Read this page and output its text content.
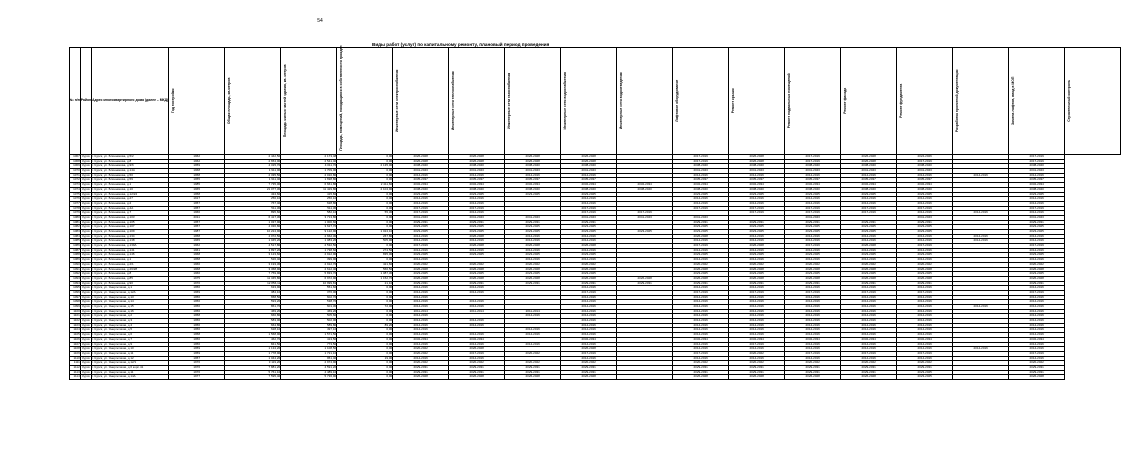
54
Виды работ (услуг) по капитальному ремонту, плановый период проведения
№ п/п	Район	Адрес многоквартирного дома (далее – МКД)	Год постройки	Общая площадь, кв.метров	Площадь жилых частей здания, кв. метров	Площадь, помещений, находящихся в собственности граждан	Инженерные сети электроснабжения	Инженерные сети теплоснабжения	Инженерные сети газоснабжения	Инженерные сети водоснабжения	Инженерные сети водоотведения	Лифтовое оборудование	Ремонт крыши	Ремонт подвальных помещений	Ремонт фасада	Ремонт фундамента	Разработка проектной документации	Замена лифтов, ввод в МОП	Строительный контроль

1067	Курск	г. Курск, ул. Блинникова, д.5/2	1962	2 442,50	2 173,48	0,00	2026-2028	2026-2028	2026-2028	2026-2028		2017-2019	2026-2028	2017-2019	2026-2028	2024-2026		2017-2019	
1068	Курск	г. Курск, ул. Блинникова, д.8	1962	2 654,00	2 541,40	0,00	2026-2028	2026-2028	2026-2028	2026-2028		2017-2019	2026-2028	2017-2019	2026-2028	2017-2019		2017-2019	
1069	Курск	г. Курск, ул. Блинникова, д.9/6	1959	4 315,70	4 011,70	2 135,00	2038-2040	2038-2040	2038-2040	2038-2040		2038-2040	2038-2040	2038-2040	2038-2040	2038-2040		2038-2040	
1070	Курск	г. Курск, ул. Блинникова, д.14А	1968	1 911,00	1 709,00	0,00	2041-2043	2041-2043	2041-2043	2041-2043		2041-2043	2041-2043	2041-2043	2041-2043	2041-2043		2041-2043	
1071	Курск	г. Курск, ул. Блинникова, д.50	1958	2 335,50	2 010,80	0,00	2014-2016	2014-2016	2014-2016	2014-2016		2014-2016	2014-2016	2014-2016	2014-2016	2014-2016	2014-2016	2014-2016	
1072	Курск	г. Курск, ул. Блинникова, д.59	1955	1 911,40	1 698,80	0,00	2035-2037	2035-2037	2035-2037	2035-2037		2035-2037	2035-2037	2035-2037	2035-2037	2035-2037		2035-2037	
1073	Курск	г. Курск, ул. Блинникова, д.1	1985	7 735,00	6 661,86	2 411,60	2032-2034	2032-2034	2032-2034	2032-2034	2032-2034	2032-2034	2032-2034	2032-2034	2032-2034	2032-2034		2032-2034	
1074	Курск	г. Курск, ул. Блинникова, д.10	1965	21 077,30	11 429,80	2 104,90	2038-2040	2038-2040	2038-2040	2038-2040	2038-2040	2038-2040	2038-2040	2038-2040	2038-2040	2038-2040		2038-2040	
1075	Курск	г. Курск, ул. Блинникова, д.12/24	1958	434,60	415,82	0,00	2023-2025	2023-2025	2023-2025	2023-2025		2023-2025	2023-2025	2023-2025	2023-2025	2023-2025		2023-2025	
1076	Курск	г. Курск, ул. Блинникова, д.27	1917	256,10	256,10	0,00	2014-2016	2014-2016		2014-2016		2014-2016	2014-2016	2014-2016	2014-2016	2014-2016		2014-2016	
1077	Курск	г. Курск, ул. Блинникова, д.2	1957	767,40	628,80	0,00	2014-2016	2014-2016		2014-2016		2014-2016	2014-2016	2014-2016	2014-2016	2014-2016		2014-2016	
1078	Курск	г. Курск, ул. Блинникова, д.4А	1957	511,30	511,30	0,00	2017-2019	2017-2019		2017-2019		2017-2019	2017-2019	2017-2019	2017-2019	2017-2019		2017-2019	
1079	Курск	г. Курск, ул. Блинникова, д.7	1966	895,60	582,10	55,30	2017-2019	2014-2016		2017-2019	2017-2019		2017-2019	2017-2019	2017-2019	2014-2016	2014-2016	2014-2016	
1080	Курск	г. Курск, ул. Блинникова, д.103	2011	6 417,30	3 713,80	0,00	2041-2043	2041-2043	2041-2043	2041-2043	2041-2043	2041-2043		2041-2043		2041-2043		2041-2043	
1081	Курск	г. Курск, ул. Блинникова, д.105	1957	1 037,90	1 000,60	0,00	2029-2031	2029-2031	2029-2031	2029-2031		2029-2031	2029-2031	2029-2031	2029-2031	2029-2031		2029-2031	
1082	Курск	г. Курск, ул. Блинникова, д.107	1957	4 036,80	3 627,70	0,00	2023-2025	2023-2025	2023-2025	2023-2025		2023-2025	2023-2025	2023-2025	2023-2025	2023-2025		2023-2025	
1083	Курск	г. Курск, ул. Блинникова, д.109	1987	10 224,90	9 122,90	1 024,10	2023-2025	2023-2025	2023-2025	2023-2025	2023-2025	2023-2025	2023-2025	2023-2025	2023-2025	2023-2025		2023-2025	
1084	Курск	г. Курск, ул. Блинникова, д.134	1958	4 072,50	2 662,30	267,80	2014-2016	2026-2028	2014-2016	2014-2016		2026-2028	2014-2016	2014-2016	2014-2016	2014-2016	2014-2016	2014-2016	
1085	Курск	г. Курск, ул. Блинникова, д.138	1965	1 045,20	1 083,20	505,90	2014-2016	2014-2016	2014-2016	2014-2016		2014-2016	2014-2016	2014-2016	2014-2016	2014-2016	2014-2016	2014-2016	
1086	Курск	г. Курск, ул. Блинникова, д.139А	1962	4 517,80	2 532,50	0,00	2017-2019	2026-2028	2026-2028	2026-2028		2017-2019	2026-2028	2017-2019	2026-2028	2017-2019		2017-2019	
1087	Курск	г. Курск, ул. Блинникова, д.141	1961	1 897,20	1 738,60	274,50	2014-2016	2014-2016	2014-2016	2014-2016		2014-2016	2014-2016	2014-2016	2014-2016	2014-2016		2014-2016	
1088	Курск	г. Курск, ул. Блинникова, д.146	1968	3 123,60	2 912,90	835,00	2023-2025	2023-2025	2023-2025	2023-2025		2023-2025	2023-2025	2023-2025	2023-2025	2023-2025		2023-2025	
1089	Курск	г. Курск, ул. Блинникова, д.1	1958	526,40	399,90	0,00	2014-2016		2014-2016	2014-2016		2014-2016	2014-2016	2014-2016	2014-2016	2014-2016		2014-2016	
1090	Курск	г. Курск, ул. Блинникова, д.2/1	1966	3 193,30	2 912,70	421,60	2020-2022	2020-2022	2020-2022	2020-2022		2020-2022	2020-2022	2020-2022	2020-2022	2020-2022		2020-2022	
1091	Курск	г. Курск, ул. Блинникова, д.26/28	1968	3 368,90	2 612,40	566,50	2026-2028	2026-2028	2026-2028	2026-2028		2026-2028	2026-2028	2026-2028	2026-2028	2026-2028		2026-2028	
1092	Курск	г. Курск, ул. Блинникова, д.8	1966	7 759,90	5 833,70	1 087,30	2023-2025	2023-2025	2023-2025	2023-2025		2023-2025	2023-2025	2023-2025	2023-2025	2023-2025		2023-2025	
1093	Курск	г. Курск, ул. Блинникова, д.85	1975	11 345,80	6 972,90	1 152,70	2026-2028	2026-2028	2026-2028	2026-2028	2026-2028	2026-2028	2026-2028	2026-2028	2026-2028	2026-2028		2026-2028	
1094	Курск	г. Курск, ул. Блинникова, д.90	1970	12 856,11	10 999,81	21,10	2029-2031	2029-2031	2029-2031	2029-2031	2029-2031	2029-2031	2029-2031	2029-2031	2029-2031	2029-2031		2029-2031	
1095	Курск	г. Курск, ул. Энергетиков, д.1	1956	633,90	551,60	0,00	2014-2016	2014-2016		2014-2016		2014-2016	2014-2016	2014-2016	2014-2016	2014-2016		2014-2016	
1096	Курск	г. Курск, ул. Энергетиков, д.12А	1969	384,10	376,00	0,00	2014-2016	2014-2016		2017-2019		2017-2019	2017-2019	2017-2019	2017-2019	2017-2019		2017-2019	
1097	Курск	г. Курск, ул. Энергетиков, д.13	1956	658,50	602,70	0,00	2014-2016			2014-2016		2014-2016	2014-2016	2014-2016	2014-2016	2014-2016		2014-2016	
1098	Курск	г. Курск, ул. Энергетиков, д.14	1956	593,20	538,70	0,00	2014-2016	2014-2016		2014-2016		2014-2016	2014-2016	2014-2016	2014-2016	2014-2016		2014-2016	
1099	Курск	г. Курск, ул. Энергетиков, д.15	1956	861,70	601,30	72,00	2014-2016	2014-2016		2014-2016		2014-2016	2014-2016	2014-2016	2014-2016	2014-2016	2014-2016	2014-2016	
1100	Курск	г. Курск, ул. Энергетиков, д.16	1956	469,20	469,20	0,00	2011-2014	2011-2014	2011-2014	2014-2016		2014-2016	2014-2016	2014-2016	2014-2016	2014-2016		2014-2016	
1101	Курск	г. Курск, ул. Энергетиков, д.2	1958	666,80	505,60	0,00	2014-2016		2014-2016	2014-2016		2014-2016	2014-2016	2014-2016	2014-2016	2014-2016		2014-2016	
1102	Курск	г. Курск, ул. Энергетиков, д.3	1956	583,00	502,00	0,00	2014-2016	2014-2016		2014-2016		2014-2016	2014-2016	2014-2016	2014-2016	2014-2016		2014-2016	
1103	Курск	г. Курск, ул. Энергетиков, д.4	1956	664,80	589,80	89,20	2014-2016	2014-2016		2014-2016		2014-2016	2014-2016	2014-2016	2014-2016	2014-2016		2014-2016	
1104	Курск	г. Курск, ул. Энергетиков, д.5	1956	628,10	497,10	0,00	2014-2016		2014-2016	2014-2016		2014-2016	2014-2016	2014-2016	2014-2016	2014-2016		2014-2016	
1105	Курск	г. Курск, ул. Энергетиков, д.6	1958	1 568,90	1 571,50	0,00	2014-2016	2014-2016	2014-2016	2014-2016		2014-2016	2014-2016	2014-2016	2014-2016	2014-2016		2014-2016	
1106	Курск	г. Курск, ул. Энергетиков, д.7	1956	462,70	413,50	0,00	2032-2034	2032-2034		2032-2034		2032-2034	2032-2034	2032-2034	2032-2034	2032-2034		2032-2034	
1107	Курск	г. Курск, ул. Энергетиков, д.9	1956	841,50	773,50	0,00	2014-2016	2014-2016	2014-2016	2014-2016		2014-2016	2017-2019	2014-2016	2014-2016	2014-2016		2014-2016	
1108	Курск	г. Курск, ул. Энергетиков, д.10	1959	1 134,20	1 108,50	0,00	2020-2022	2026-2028		2026-2028		2014-2016	2014-2016	2014-2016	2014-2016	2014-2016	2014-2016	2014-2016	
1109	Курск	г. Курск, ул. Энергетиков, д.11	1959	1 778,90	1 721,10	0,00	2020-2022	2017-2019	2020-2022	2017-2019		2017-2019	2020-2022	2017-2019	2017-2019	2017-2019		2017-2019	
1110	Курск	г. Курск, ул. Энергетиков, д.12	1957	1 044,20	951,40	19,00	2014-2016	2014-2016		2014-2016		2014-2016	2014-2016	2014-2016	2014-2016	2014-2016		2014-2016	
1111	Курск	г. Курск, ул. Энергетиков, д.12/1	1976	3 119,20	2 974,90	0,00	2020-2022	2020-2022	2020-2022	2020-2022		2020-2022	2020-2022	2020-2022	2020-2022	2020-2022		2020-2022	
1112	Курск	г. Курск, ул. Энергетиков, д.6 корп.41	1976	7 881,20	4 591,20	0,00	2029-2031	2029-2031	2029-2031	2029-2031		2029-2031	2029-2031	2029-2031	2029-2031	2029-2031		2029-2031	
1113	Курск	г. Курск, ул. Энергетиков, д.11	1976	5 761,10	4 489,10	0,00	2029-2031	2029-2031	2029-2031	2029-2031		2029-2031	2029-2031	2029-2031	2029-2031	2023-2025		2029-2031	
1114	Курск	г. Курск, ул. Энергетиков, д.14А	1977	7 595,40	5 736,90	0,00	2026-2028	2026-2028	2026-2028	2026-2028		2026-2028	2026-2028	2026-2028	2026-2028	2023-2025		2026-2028	
